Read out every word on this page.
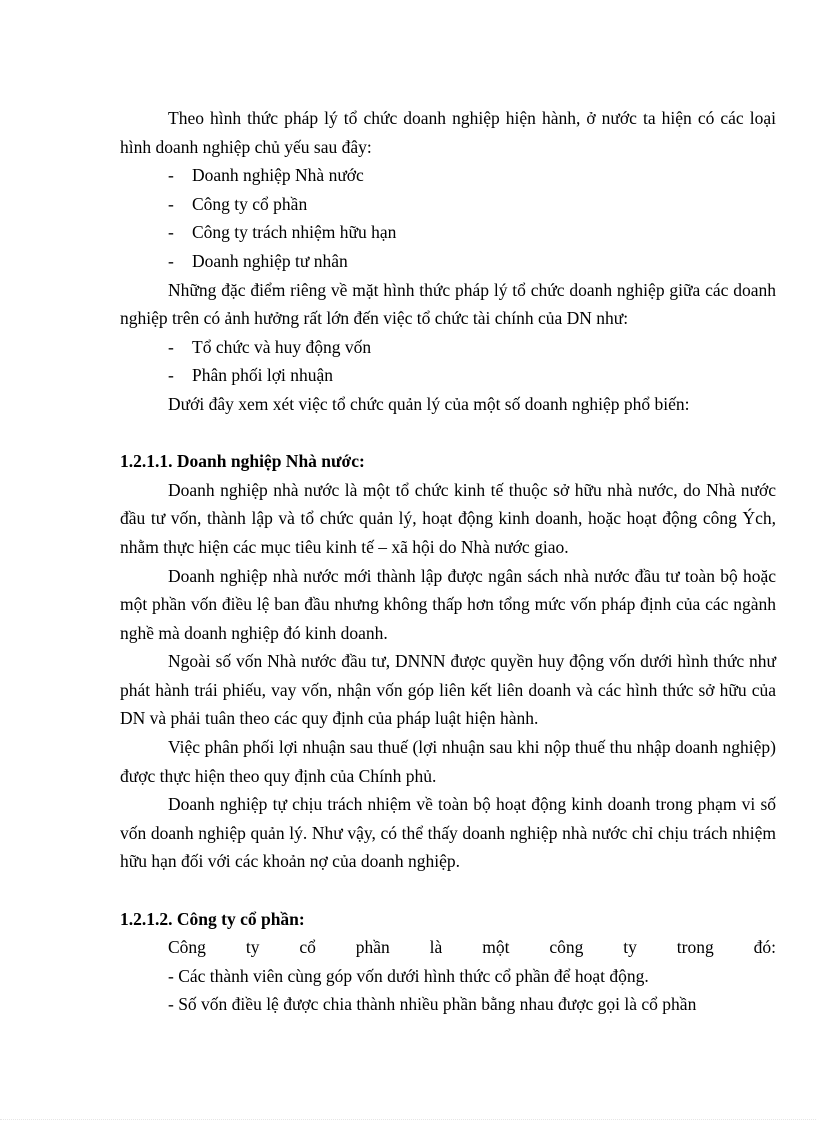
Theo hình thức pháp lý tổ chức doanh nghiệp hiện hành, ở nước ta hiện có các loại hình doanh nghiệp chủ yếu sau đây:

- Doanh nghiệp Nhà nước
- Công ty cổ phần
- Công ty trách nhiệm hữu hạn
- Doanh nghiệp tư nhân

Những đặc điểm riêng về mặt hình thức pháp lý tổ chức doanh nghiệp giữa các doanh nghiệp trên có ảnh hưởng rất lớn đến việc tổ chức tài chính của DN như:

- Tổ chức và huy động vốn
- Phân phối lợi nhuận

Dưới đây xem xét việc tổ chức quản lý của một số doanh nghiệp phổ biến:

1.2.1.1. Doanh nghiệp Nhà nước:

Doanh nghiệp nhà nước là một tổ chức kinh tế thuộc sở hữu nhà nước, do Nhà nước đầu tư vốn, thành lập và tổ chức quản lý, hoạt động kinh doanh, hoặc hoạt động công Ých, nhằm thực hiện các mục tiêu kinh tế – xã hội do Nhà nước giao.

Doanh nghiệp nhà nước mới thành lập được ngân sách nhà nước đầu tư toàn bộ hoặc một phần vốn điều lệ ban đầu nhưng không thấp hơn tổng mức vốn pháp định của các ngành nghề mà doanh nghiệp đó kinh doanh.

Ngoài số vốn Nhà nước đầu tư, DNNN được quyền huy động vốn dưới hình thức như phát hành trái phiếu, vay vốn, nhận vốn góp liên kết liên doanh và các hình thức sở hữu của DN và phải tuân theo các quy định của pháp luật hiện hành.

Việc phân phối lợi nhuận sau thuế (lợi nhuận sau khi nộp thuế thu nhập doanh nghiệp) được thực hiện theo quy định của Chính phủ.

Doanh nghiệp tự chịu trách nhiệm về toàn bộ hoạt động kinh doanh trong phạm vi số vốn doanh nghiệp quản lý. Như vậy, có thể thấy doanh nghiệp nhà nước chỉ chịu trách nhiệm hữu hạn đối với các khoản nợ của doanh nghiệp.

1.2.1.2. Công ty cổ phần:

Công ty cổ phần là một công ty trong đó:

- Các thành viên cùng góp vốn dưới hình thức cổ phần để hoạt động.

- Số vốn điều lệ được chia thành nhiều phần bằng nhau được gọi là cổ phần
